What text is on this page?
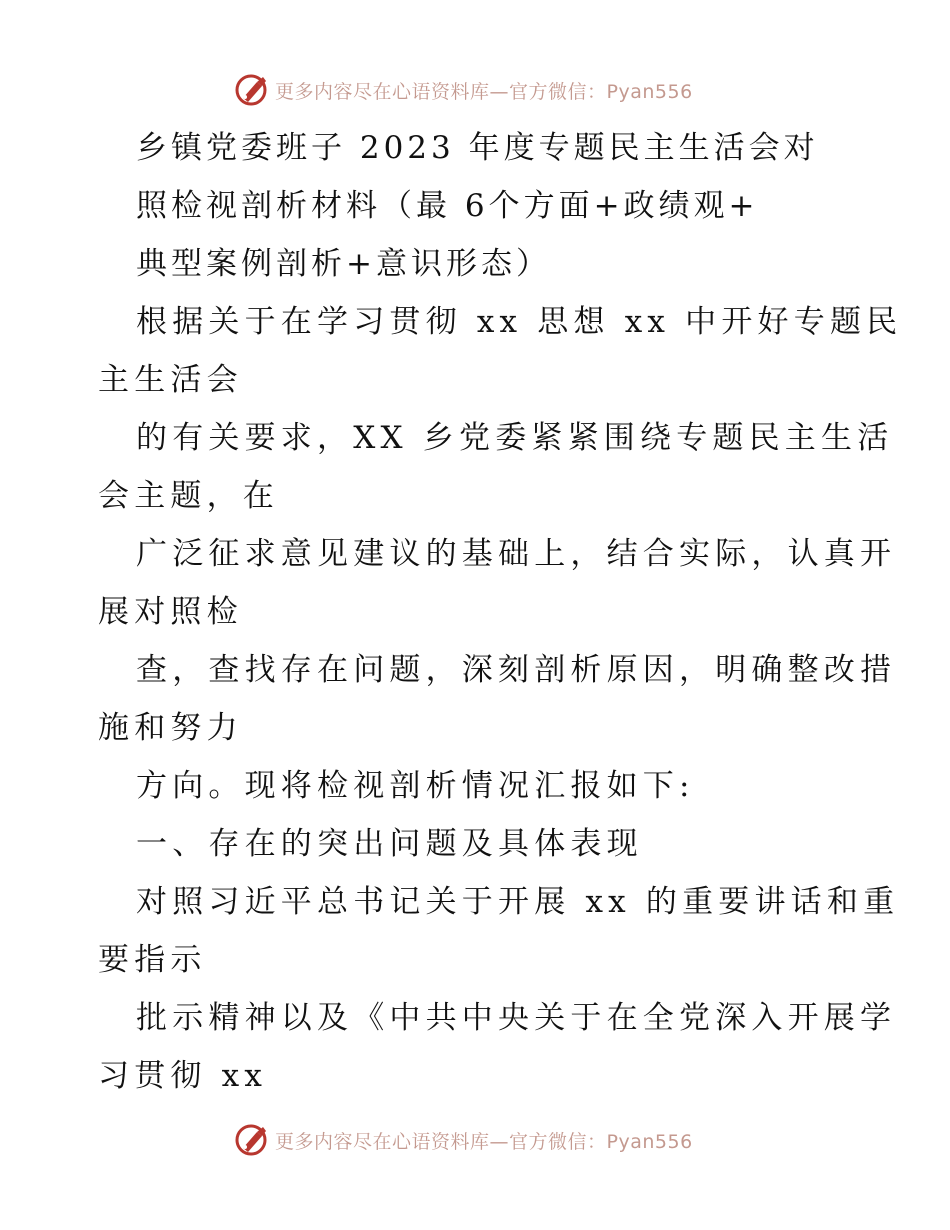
更多内容尽在心语资料库—官方微信：Pyan556
乡镇党委班子 2023 年度专题民主生活会对
照检视剖析材料（最 6个方面+政绩观+
典型案例剖析+意识形态）
根据关于在学习贯彻 xx 思想 xx 中开好专题民
主生活会
的有关要求，XX 乡党委紧紧围绕专题民主生活
会主题，在
广泛征求意见建议的基础上，结合实际，认真开
展对照检
查，查找存在问题，深刻剖析原因，明确整改措
施和努力
方向。现将检视剖析情况汇报如下:
一、存在的突出问题及具体表现
对照习近平总书记关于开展 xx 的重要讲话和重
要指示
批示精神以及《中共中央关于在全党深入开展学
习贯彻 xx
更多内容尽在心语资料库—官方微信：Pyan556
